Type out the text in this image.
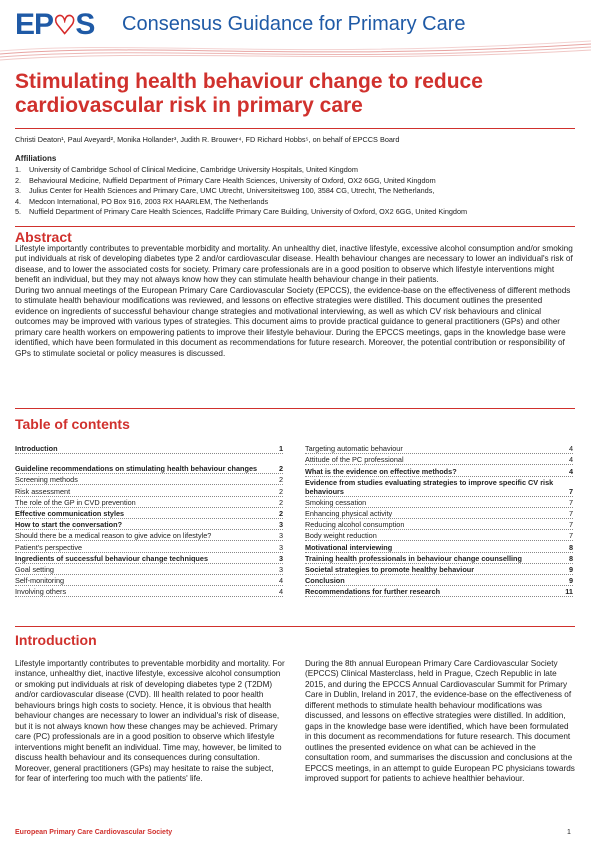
EP♡S Consensus Guidance for Primary Care
Stimulating health behaviour change to reduce cardiovascular risk in primary care
Christi Deaton¹, Paul Aveyard², Monika Hollander³, Judith R. Brouwer⁴, FD Richard Hobbs⁵, on behalf of EPCCS Board
Affiliations
1. University of Cambridge School of Clinical Medicine, Cambridge University Hospitals, United Kingdom
2. Behavioural Medicine, Nuffield Department of Primary Care Health Sciences, University of Oxford, OX2 6GG, United Kingdom
3. Julius Center for Health Sciences and Primary Care, UMC Utrecht, Universiteitsweg 100, 3584 CG, Utrecht, The Netherlands,
4. Medcon International, PO Box 916, 2003 RX HAARLEM, The Netherlands
5. Nuffield Department of Primary Care Health Sciences, Radcliffe Primary Care Building, University of Oxford, OX2 6GG, United Kingdom
Abstract

Lifestyle importantly contributes to preventable morbidity and mortality. An unhealthy diet, inactive lifestyle, excessive alcohol consumption and/or smoking put individuals at risk of developing diabetes type 2 and/or cardiovascular disease. Health behaviour changes are necessary to lower an individual's risk of disease, and to lower the associated costs for society. Primary care professionals are in a good position to observe which lifestyle interventions might benefit an individual, but they may not always know how they can stimulate health behaviour change in their patients.

During two annual meetings of the European Primary Care Cardiovascular Society (EPCCS), the evidence-base on the effectiveness of different methods to stimulate health behaviour modifications was reviewed, and lessons on effective strategies were distilled. This document outlines the presented evidence on ingredients of successful behaviour change strategies and motivational interviewing, as well as which CV risk behaviours and clinical outcomes may be improved with various types of strategies. This document aims to provide practical guidance to general practitioners (GPs) and other primary care health workers on empowering patients to improve their lifestyle behaviour. During the EPCCS meetings, gaps in the knowledge base were identified, which have been formulated in this document as recommendations for future research. Moreover, the potential contribution or responsibility of GPs to stimulate societal or policy measures is discussed.

Table of contents
Introduction	1
Guideline recommendations on stimulating health behaviour changes	2
Screening methods	2
Risk assessment	2
The role of the GP in CVD prevention	2
Effective communication styles	2
How to start the conversation?	3
Should there be a medical reason to give advice on lifestyle?	3
Patient's perspective	3
Ingredients of successful behaviour change techniques	3
Goal setting	3
Self-monitoring	4
Involving others	4
Targeting automatic behaviour	4
Attitude of the PC professional	4
What is the evidence on effective methods?	4
Evidence from studies evaluating strategies to improve specific CV risk behaviours	7
Smoking cessation	7
Enhancing physical activity	7
Reducing alcohol consumption	7
Body weight reduction	7
Motivational interviewing	8
Training health professionals in behaviour change counselling	8
Societal strategies to promote healthy behaviour	9
Conclusion	9
Recommendations for further research	11
Introduction
Lifestyle importantly contributes to preventable morbidity and mortality. For instance, unhealthy diet, inactive lifestyle, excessive alcohol consumption or smoking put individuals at risk of developing diabetes type 2 (T2DM) and/or cardiovascular disease (CVD). Ill health related to poor health behaviours brings high costs to society. Hence, it is obvious that health behaviour changes are necessary to lower an individual's risk of disease, but it is not always known how these changes may be achieved. Primary care (PC) professionals are in a good position to observe which lifestyle interventions might benefit an individual. Time may, however, be limited to discuss health behaviour and its consequences during consultation. Moreover, general practitioners (GPs) may hesitate to raise the subject, for fear of interfering too much with the patients' life.
During the 8th annual European Primary Care Cardiovascular Society (EPCCS) Clinical Masterclass, held in Prague, Czech Republic in late 2015, and during the EPCCS Annual Cardiovascular Summit for Primary Care in Dublin, Ireland in 2017, the evidence-base on the effectiveness of different methods to stimulate health behaviour modifications was discussed, and lessons on effective strategies were distilled. In addition, gaps in the knowledge base were identified, which have been formulated in this document as recommendations for future research. This document outlines the presented evidence on what can be achieved in the consultation room, and summarises the discussion and conclusions at the EPCCS meetings, in an attempt to guide European PC physicians towards improved support for patients to achieve healthier behaviour.
European Primary Care Cardiovascular Society	1
